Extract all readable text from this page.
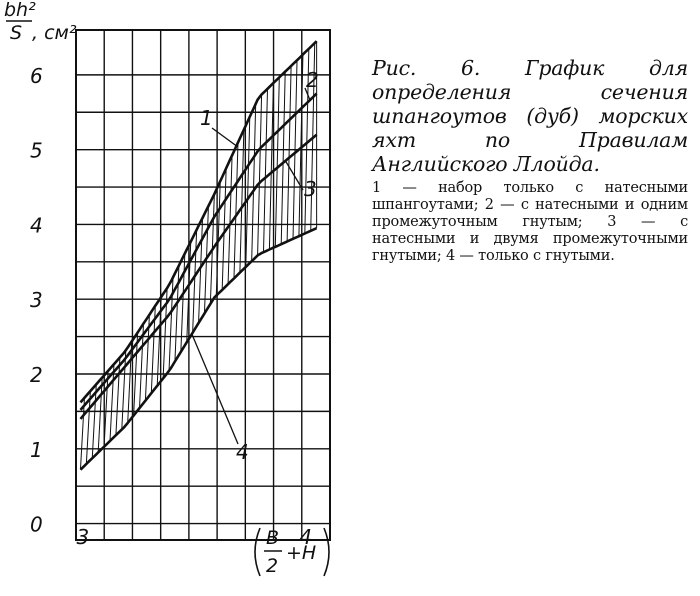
1
2
3
4
0
1
2
3
4
5
6
3	4
bh²
S , см²
B
2
+H

Рис. 6. График для определения сечения шпангоутов (дуб) морских яхт по Правилам Английского Ллойда.

1 — набор только с натесными шпангоутами; 2 — с натесными и одним промежуточным гнутым; 3 — с натесными и двумя промежуточными гнутыми; 4 — только с гнутыми.
